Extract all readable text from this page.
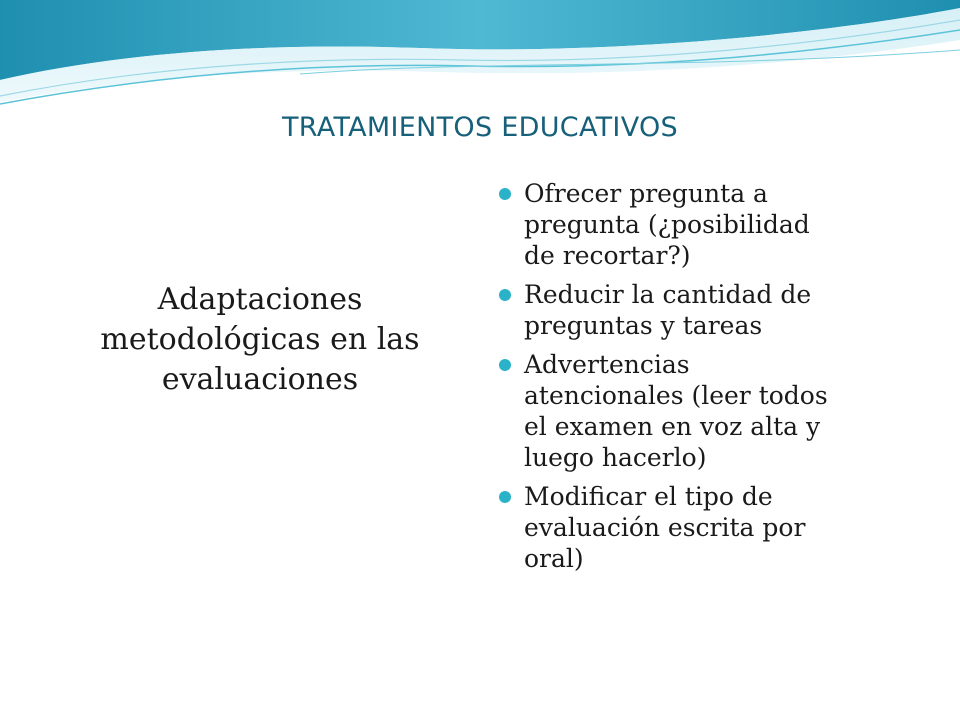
TRATAMIENTOS EDUCATIVOS
Adaptaciones
metodológicas en las
evaluaciones
Ofrecer pregunta a
pregunta (¿posibilidad
de recortar?)
Reducir la cantidad de
preguntas y tareas
Advertencias
atencionales (leer todos
el examen en voz alta y
luego hacerlo)
Modificar el tipo de
evaluación escrita por
oral)
